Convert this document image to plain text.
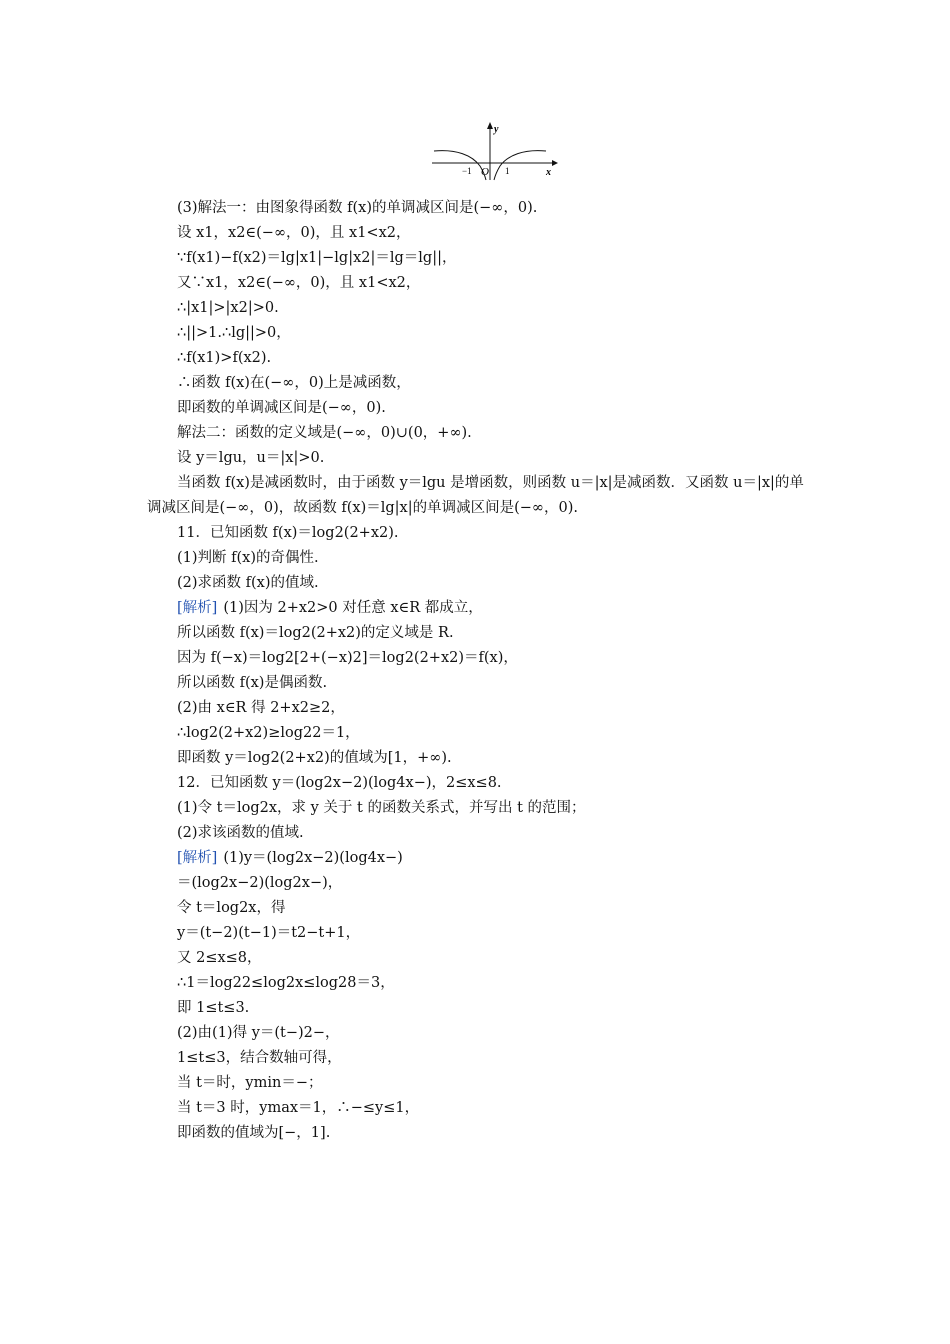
y
x
O
−1	1
(3)解法一：由图象得函数 f(x)的单调减区间是(−∞，0).
设 x1，x2∈(−∞，0)，且 x1<x2，
∵f(x1)−f(x2)＝lg|x1|−lg|x2|＝lg＝lg||，
又∵x1，x2∈(−∞，0)，且 x1<x2，
∴|x1|>|x2|>0.
∴||>1.∴lg||>0，
∴f(x1)>f(x2).
∴函数 f(x)在(−∞，0)上是减函数，
即函数的单调减区间是(−∞，0).
解法二：函数的定义域是(−∞，0)∪(0，+∞).
设 y＝lgu，u＝|x|>0.
当函数 f(x)是减函数时，由于函数 y＝lgu 是增函数，则函数 u＝|x|是减函数．又函数 u＝|x|的单调减区间是(−∞，0)，故函数 f(x)＝lg|x|的单调减区间是(−∞，0).
11．已知函数 f(x)＝log2(2+x2).
(1)判断 f(x)的奇偶性.
(2)求函数 f(x)的值域.
[解析] (1)因为 2+x2>0 对任意 x∈R 都成立，
所以函数 f(x)＝log2(2+x2)的定义域是 R.
因为 f(−x)＝log2[2+(−x)2]＝log2(2+x2)＝f(x)，
所以函数 f(x)是偶函数.
(2)由 x∈R 得 2+x2≥2，
∴log2(2+x2)≥log22＝1，
即函数 y＝log2(2+x2)的值域为[1，+∞).
12．已知函数 y＝(log2x−2)(log4x−)，2≤x≤8.
(1)令 t＝log2x，求 y 关于 t 的函数关系式，并写出 t 的范围；
(2)求该函数的值域.
[解析] (1)y＝(log2x−2)(log4x−)
＝(log2x−2)(log2x−)，
令 t＝log2x，得
y＝(t−2)(t−1)＝t2−t+1，
又 2≤x≤8，
∴1＝log22≤log2x≤log28＝3，
即 1≤t≤3.
(2)由(1)得 y＝(t−)2−，
1≤t≤3，结合数轴可得，
当 t＝时，ymin＝−；
当 t＝3 时，ymax＝1，∴−≤y≤1，
即函数的值域为[−，1].
